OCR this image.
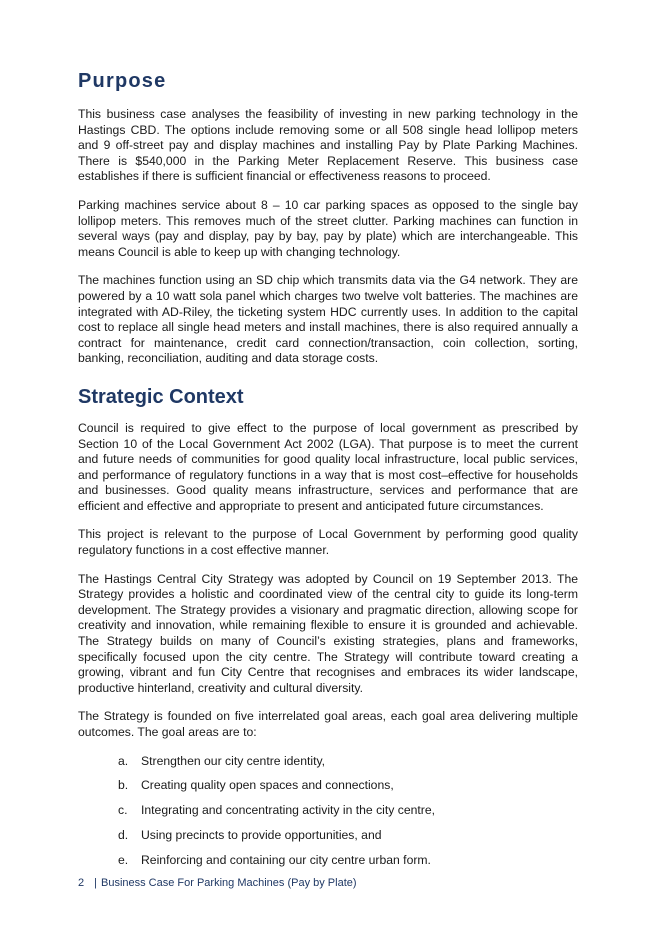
Purpose

This business case analyses the feasibility of investing in new parking technology in the Hastings CBD. The options include removing some or all 508 single head lollipop meters and 9 off-street pay and display machines and installing Pay by Plate Parking Machines. There is $540,000 in the Parking Meter Replacement Reserve. This business case establishes if there is sufficient financial or effectiveness reasons to proceed.

Parking machines service about 8 – 10 car parking spaces as opposed to the single bay lollipop meters. This removes much of the street clutter. Parking machines can function in several ways (pay and display, pay by bay, pay by plate) which are interchangeable. This means Council is able to keep up with changing technology.

The machines function using an SD chip which transmits data via the G4 network. They are powered by a 10 watt sola panel which charges two twelve volt batteries. The machines are integrated with AD-Riley, the ticketing system HDC currently uses. In addition to the capital cost to replace all single head meters and install machines, there is also required annually a contract for maintenance, credit card connection/transaction, coin collection, sorting, banking, reconciliation, auditing and data storage costs.

Strategic Context

Council is required to give effect to the purpose of local government as prescribed by Section 10 of the Local Government Act 2002 (LGA). That purpose is to meet the current and future needs of communities for good quality local infrastructure, local public services, and performance of regulatory functions in a way that is most cost–effective for households and businesses. Good quality means infrastructure, services and performance that are efficient and effective and appropriate to present and anticipated future circumstances.

This project is relevant to the purpose of Local Government by performing good quality regulatory functions in a cost effective manner.

The Hastings Central City Strategy was adopted by Council on 19 September 2013. The Strategy provides a holistic and coordinated view of the central city to guide its long-term development. The Strategy provides a visionary and pragmatic direction, allowing scope for creativity and innovation, while remaining flexible to ensure it is grounded and achievable. The Strategy builds on many of Council’s existing strategies, plans and frameworks, specifically focused upon the city centre. The Strategy will contribute toward creating a growing, vibrant and fun City Centre that recognises and embraces its wider landscape, productive hinterland, creativity and cultural diversity.

The Strategy is founded on five interrelated goal areas, each goal area delivering multiple outcomes. The goal areas are to:

a.	Strengthen our city centre identity,
b.	Creating quality open spaces and connections,
c.	Integrating and concentrating activity in the city centre,
d.	Using precincts to provide opportunities, and
e.	Reinforcing and containing our city centre urban form.
2 | Business Case For Parking Machines (Pay by Plate)
